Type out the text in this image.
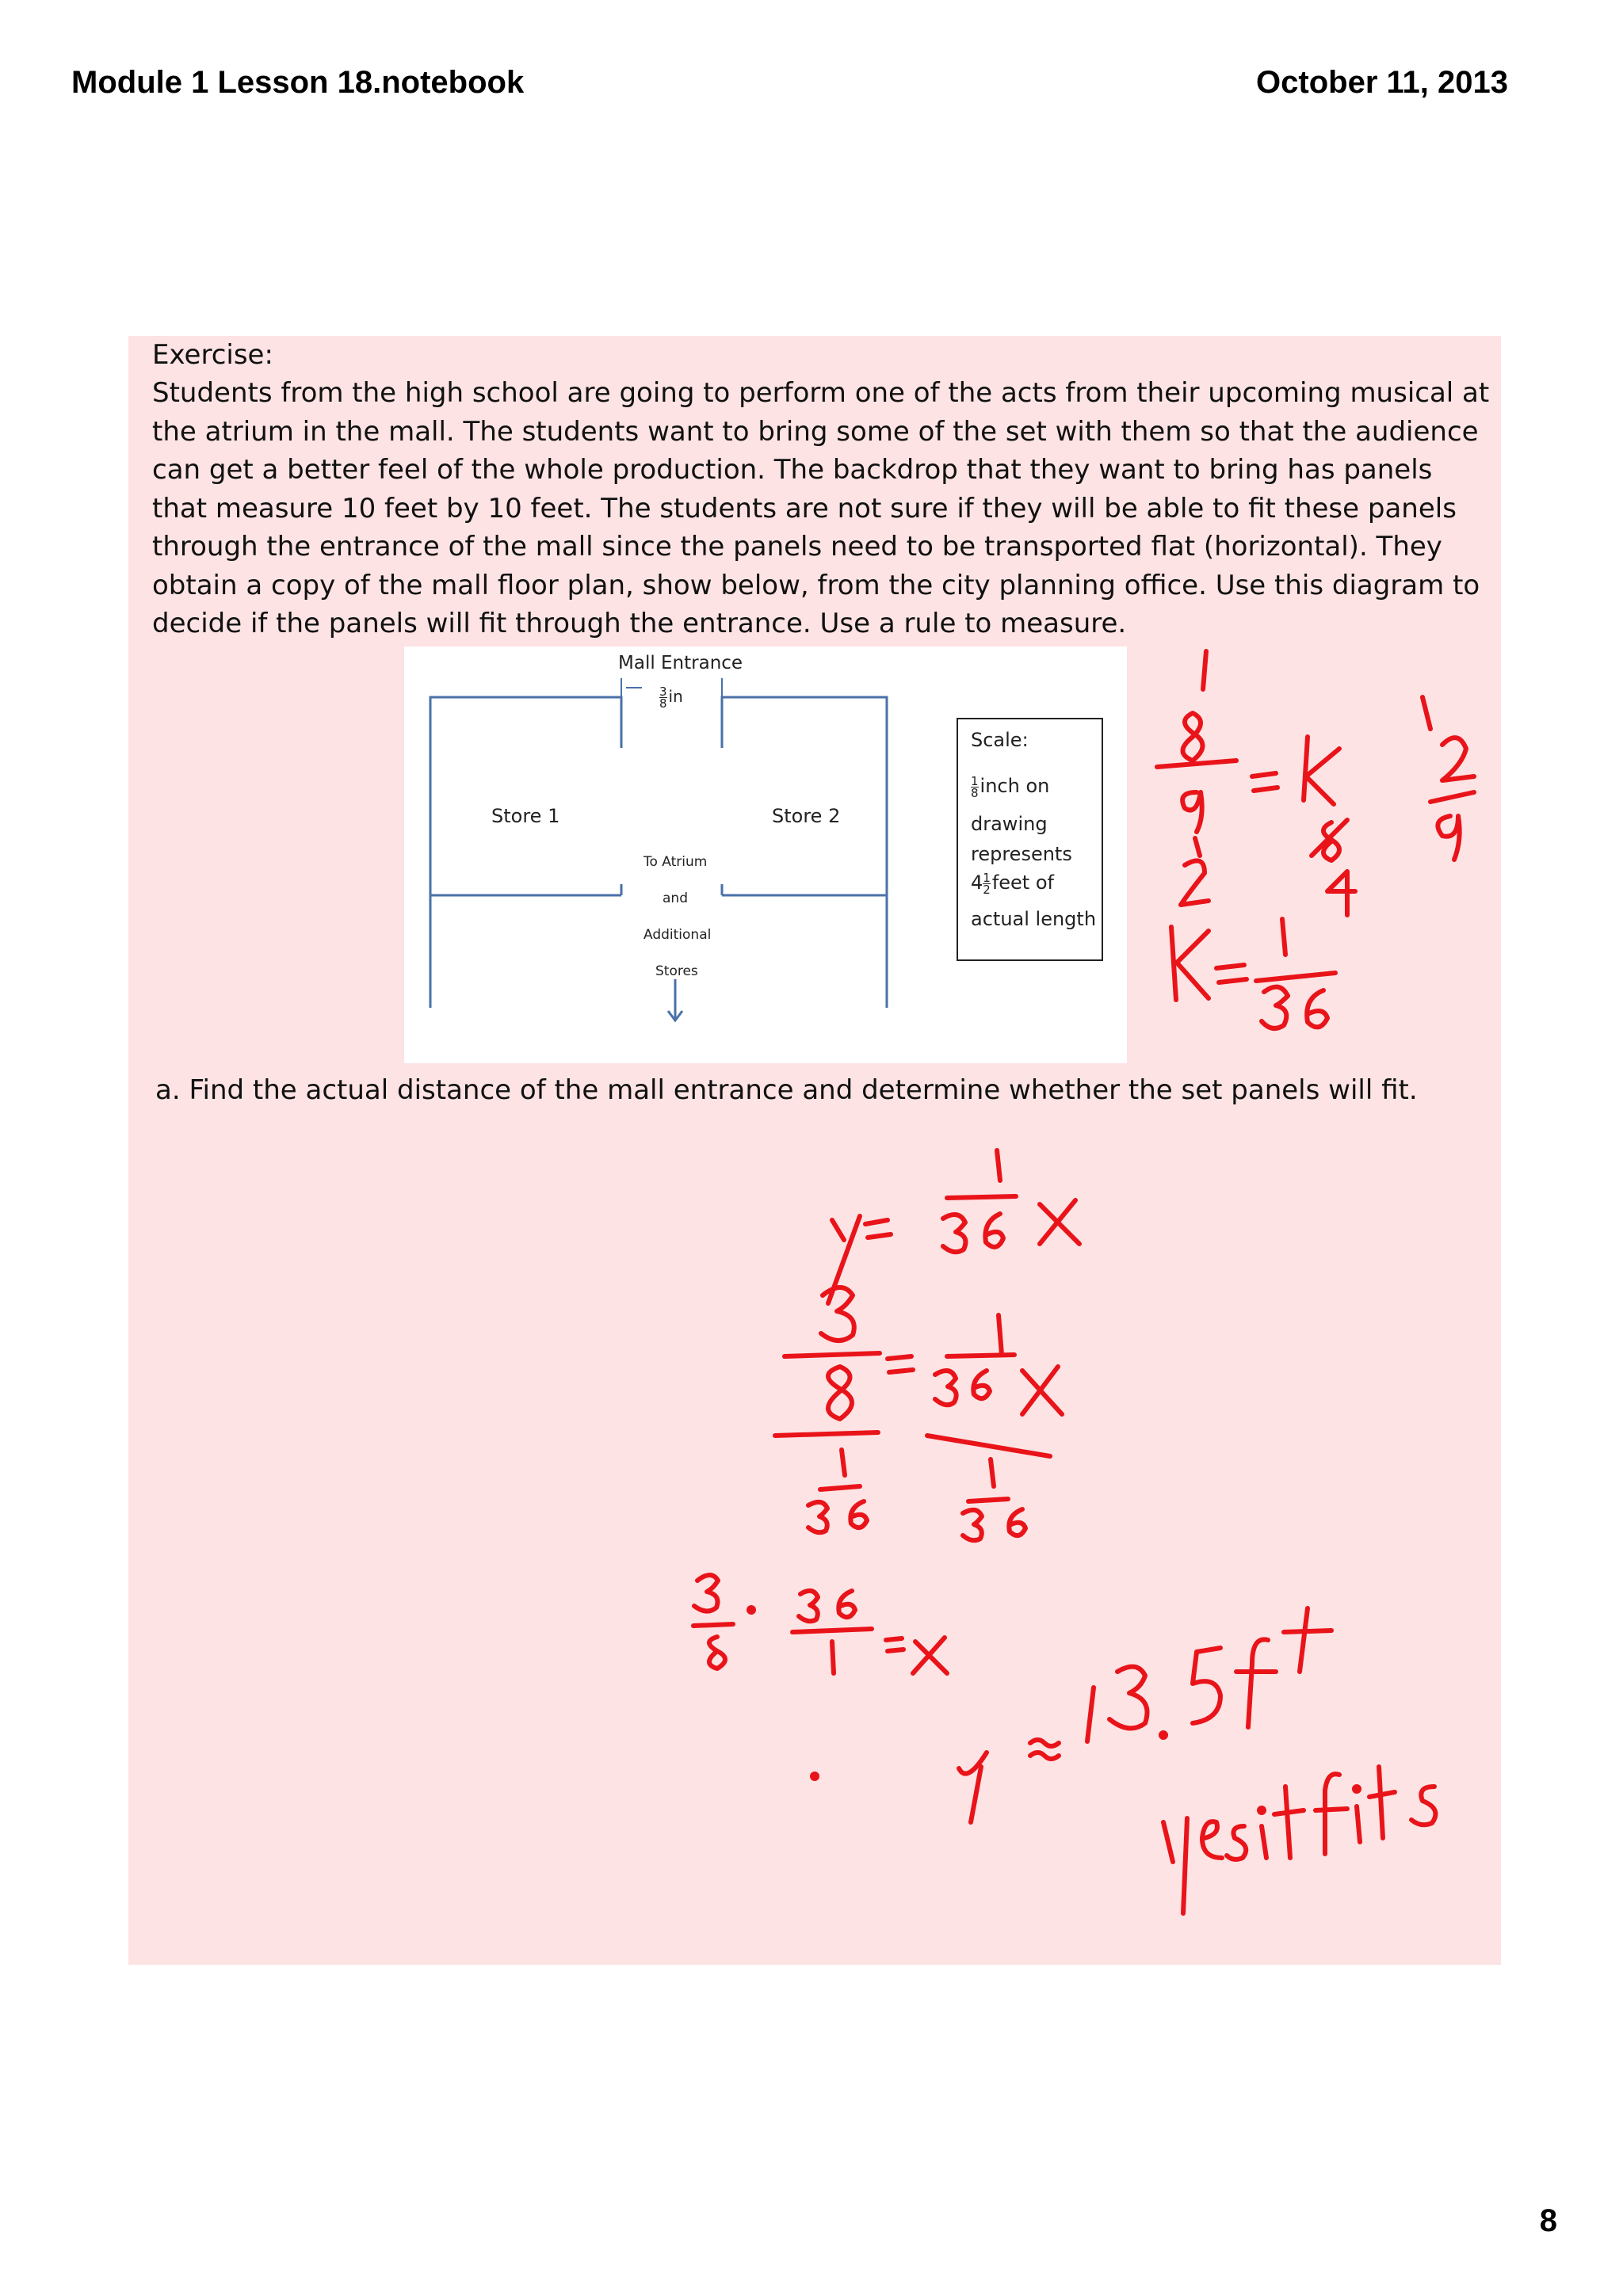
Module 1 Lesson 18.notebook	October 11, 2013
Exercise:
Students from the high school are going to perform one of the acts from their upcoming musical at
the atrium in the mall. The students want to bring some of the set with them so that the audience
can get a better feel of the whole production. The backdrop that they want to bring has panels
that measure 10 feet by 10 feet. The students are not sure if they will be able to fit these panels
through the entrance of the mall since the panels need to be transported flat (horizontal). They
obtain a copy of the mall floor plan, show below, from the city planning office. Use this diagram to
decide if the panels will fit through the entrance. Use a rule to measure.
Mall Entrance
$\frac{3}{8}$ in
Store 1	Store 2
To Atrium
and
Additional
Stores
Scale:
$\frac{1}{8}$ inch on
drawing
represents
$4 \frac{1}{2}$ feet of
actual length
a. Find the actual distance of the mall entrance and determine whether the set panels will fit.
8
